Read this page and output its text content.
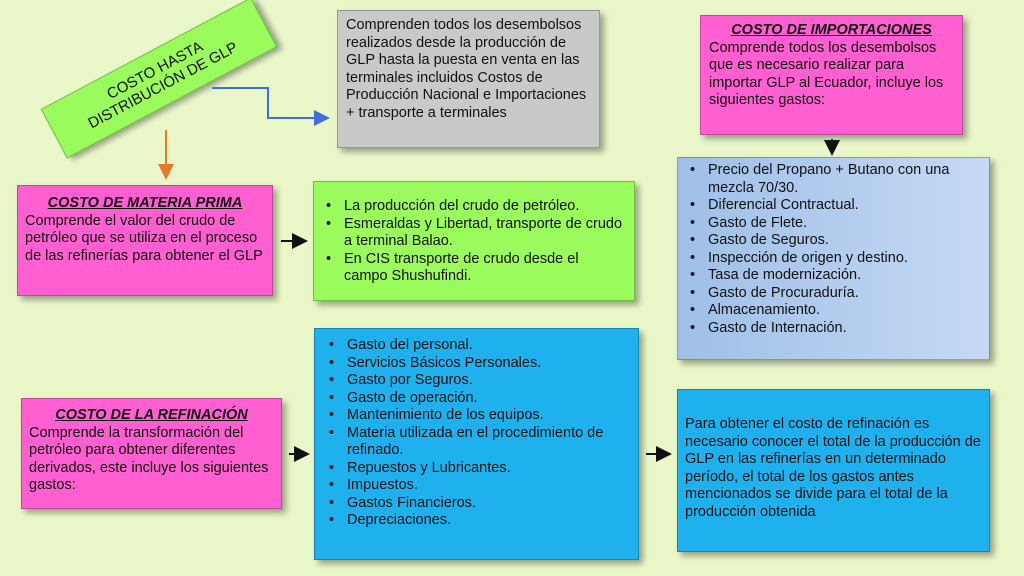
COSTO HASTA DISTRIBUCIÓN DE GLP
Comprenden todos los desembolsos realizados desde la producción de GLP hasta la puesta en venta en las terminales incluidos Costos de Producción Nacional e Importaciones + transporte a terminales
COSTO DE IMPORTACIONES
Comprende todos los desembolsos que es necesario realizar para importar GLP al Ecuador, incluye los siguientes gastos:
• Precio del Propano + Butano con una mezcla 70/30.
• Diferencial Contractual.
• Gasto de Flete.
• Gasto de Seguros.
• Inspección de origen y destino.
• Tasa de modernización.
• Gasto de Procuraduría.
• Almacenamiento.
• Gasto de Internación.
COSTO DE MATERIA PRIMA
Comprende el valor del crudo de petróleo que se utiliza en el proceso de las refinerías para obtener el GLP
• La producción del crudo de petróleo.
• Esmeraldas y Libertad, transporte de crudo a terminal Balao.
• En CIS transporte de crudo desde el campo Shushufindi.
COSTO DE LA REFINACIÓN
Comprende la transformación del petróleo para obtener diferentes derivados, este incluye los siguientes gastos:
• Gasto del personal.
• Servicios Básicos Personales.
• Gasto por Seguros.
• Gasto de operación.
• Mantenimiento de los equipos.
• Materia utilizada en el procedimiento de refinado.
• Repuestos y Lubricantes.
• Impuestos.
• Gastos Financieros.
• Depreciaciones.
Para obtener el costo de refinación es necesario conocer el total de la producción de GLP en las refinerías en un determinado período, el total de los gastos antes mencionados se divide para el total de la producción obtenida
